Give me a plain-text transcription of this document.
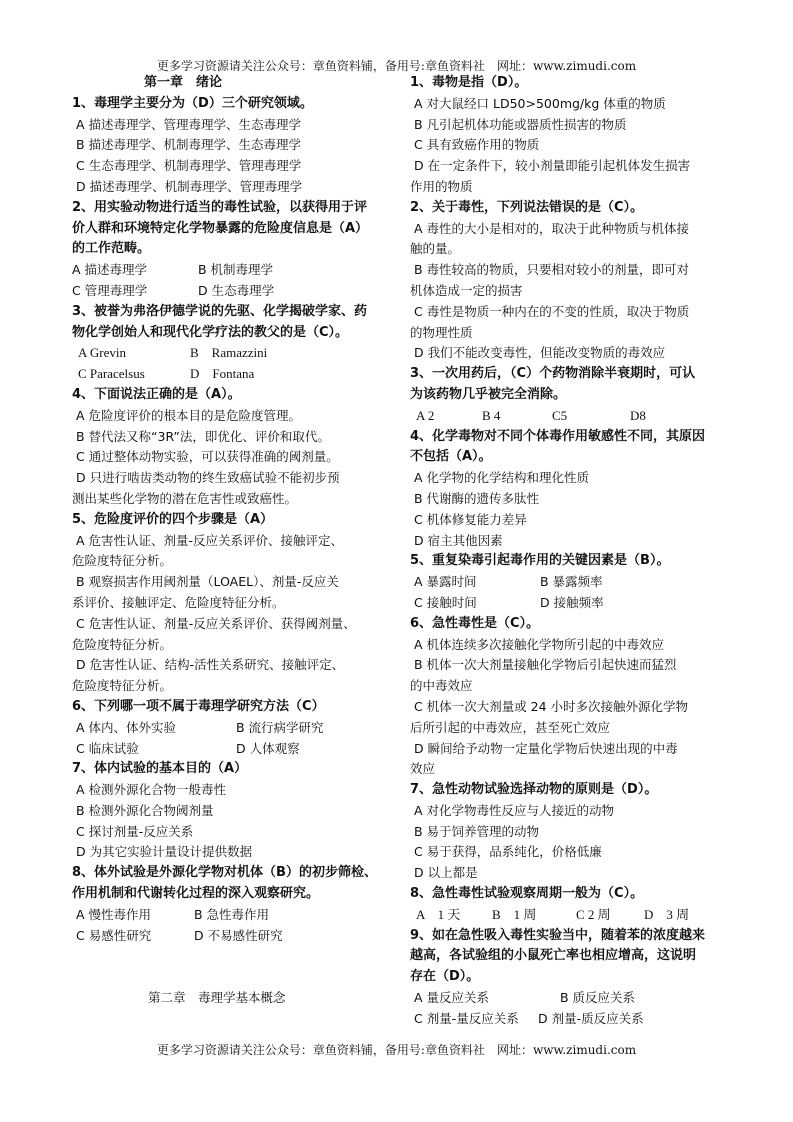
更多学习资源请关注公众号：章鱼资料铺，备用号:章鱼资料社　网址：www.zimudi.com
第一章　绪论
1、毒理学主要分为（D）三个研究领域。
A 描述毒理学、管理毒理学、生态毒理学
B 描述毒理学、机制毒理学、生态毒理学
C 生态毒理学、机制毒理学、管理毒理学
D 描述毒理学、机制毒理学、管理毒理学
2、用实验动物进行适当的毒性试验，以获得用于评
价人群和环境特定化学物暴露的危险度信息是（A）
的工作范畴。
A 描述毒理学	B 机制毒理学
C 管理毒理学	D 生态毒理学
3、被誉为弗洛伊德学说的先驱、化学揭破学家、药
物化学创始人和现代化学疗法的教父的是（C）。
A Grevin	B　Ramazzini
C Paracelsus	D　Fontana
4、下面说法正确的是（A）。
A 危险度评价的根本目的是危险度管理。
B 替代法又称“3R”法，即优化、评价和取代。
C 通过整体动物实验，可以获得准确的阈剂量。
D 只进行啮齿类动物的终生致癌试验不能初步预
测出某些化学物的潜在危害性或致癌性。
5、危险度评价的四个步骤是（A）
A 危害性认证、剂量-反应关系评价、接触评定、
危险度特征分析。
B 观察损害作用阈剂量（LOAEL）、剂量-反应关
系评价、接触评定、危险度特征分析。
C 危害性认证、剂量-反应关系评价、获得阈剂量、
危险度特征分析。
D 危害性认证、结构-活性关系研究、接触评定、
危险度特征分析。
6、下列哪一项不属于毒理学研究方法（C）
A 体内、体外实验	B 流行病学研究
C 临床试验	D 人体观察
7、体内试验的基本目的（A）
A 检测外源化合物一般毒性
B 检测外源化合物阈剂量
C 探讨剂量-反应关系
D 为其它实验计量设计提供数据
8、体外试验是外源化学物对机体（B）的初步筛检、
作用机制和代谢转化过程的深入观察研究。
A 慢性毒作用	B 急性毒作用
C 易感性研究	D 不易感性研究
第二章　毒理学基本概念
1、毒物是指（D）。
A 对大鼠经口 LD50>500mg/kg 体重的物质
B 凡引起机体功能或器质性损害的物质
C 具有致癌作用的物质
D 在一定条件下，较小剂量即能引起机体发生损害
作用的物质
2、关于毒性，下列说法错误的是（C）。
A 毒性的大小是相对的，取决于此种物质与机体接
触的量。
B 毒性较高的物质，只要相对较小的剂量，即可对
机体造成一定的损害
C 毒性是物质一种内在的不变的性质，取决于物质
的物理性质
D 我们不能改变毒性，但能改变物质的毒效应
3、一次用药后，（C）个药物消除半衰期时，可认
为该药物几乎被完全消除。
A 2	B 4	C5	D8
4、化学毒物对不同个体毒作用敏感性不同，其原因
不包括（A）。
A 化学物的化学结构和理化性质
B 代谢酶的遗传多肽性
C 机体修复能力差异
D 宿主其他因素
5、重复染毒引起毒作用的关键因素是（B）。
A 暴露时间	B 暴露频率
C 接触时间	D 接触频率
6、急性毒性是（C）。
A 机体连续多次接触化学物所引起的中毒效应
B 机体一次大剂量接触化学物后引起快速而猛烈
的中毒效应
C 机体一次大剂量或 24 小时多次接触外源化学物
后所引起的中毒效应，甚至死亡效应
D 瞬间给予动物一定量化学物后快速出现的中毒
效应
7、急性动物试验选择动物的原则是（D）。
A 对化学物毒性反应与人接近的动物
B 易于饲养管理的动物
C 易于获得，品系纯化，价格低廉
D 以上都是
8、急性毒性试验观察周期一般为（C）。
A　1 天	B　1 周	C 2 周	D　3 周
9、如在急性吸入毒性实验当中，随着苯的浓度越来
越高，各试验组的小鼠死亡率也相应增高，这说明
存在（D）。
A 量反应关系	B 质反应关系
C 剂量-量反应关系	D 剂量-质反应关系
更多学习资源请关注公众号：章鱼资料铺，备用号:章鱼资料社　网址：www.zimudi.com
